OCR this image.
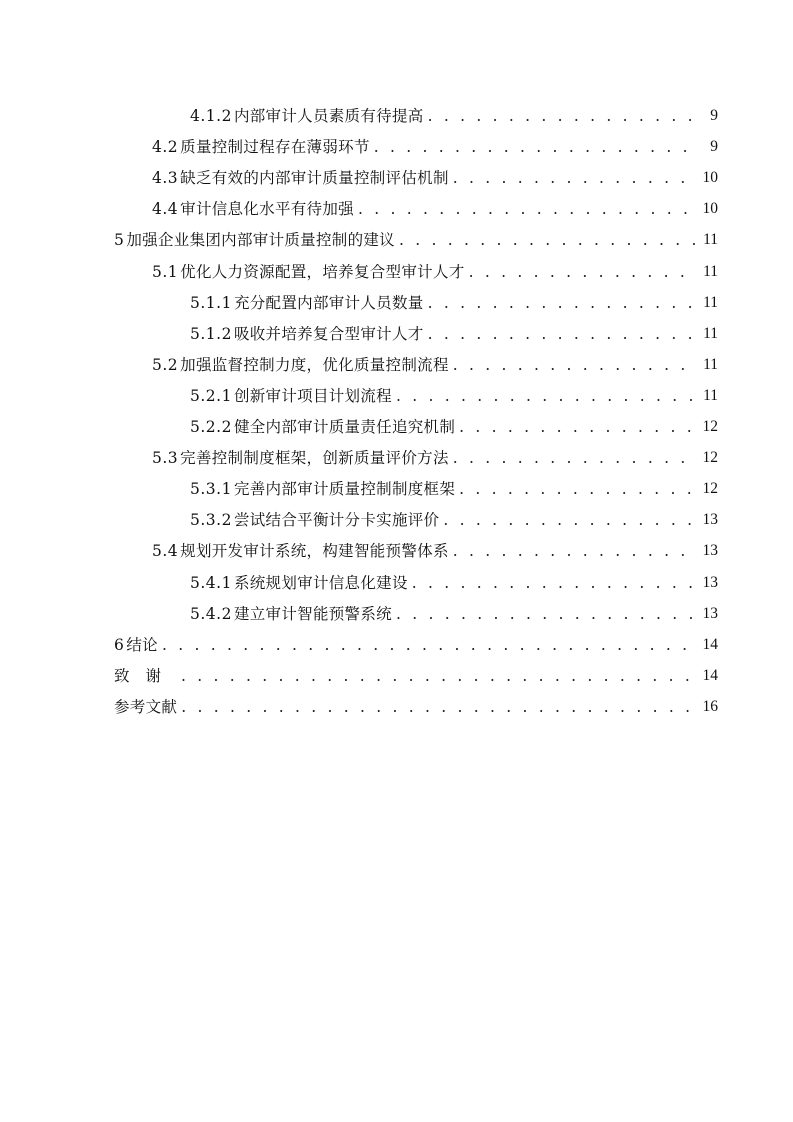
4.1.2 内部审计人员素质有待提高 . . .	9
4.2 质量控制过程存在薄弱环节 . . .	9
4.3 缺乏有效的内部审计质量控制评估机制 . . .	10
4.4 审计信息化水平有待加强 . . .	10
5 加强企业集团内部审计质量控制的建议 . . .	11
5.1 优化人力资源配置，培养复合型审计人才 . . .	11
5.1.1 充分配置内部审计人员数量 . . .	11
5.1.2 吸收并培养复合型审计人才 . . .	11
5.2 加强监督控制力度，优化质量控制流程 . . .	11
5.2.1 创新审计项目计划流程 . . .	11
5.2.2 健全内部审计质量责任追究机制 . . .	12
5.3 完善控制制度框架，创新质量评价方法 . . .	12
5.3.1 完善内部审计质量控制制度框架 . . .	12
5.3.2 尝试结合平衡计分卡实施评价 . . .	13
5.4 规划开发审计系统，构建智能预警体系 . . .	13
5.4.1 系统规划审计信息化建设 . . .	13
5.4.2 建立审计智能预警系统 . . .	13
6 结论 . . .	14
致谢 . . .	14
参考文献 . . .	16
